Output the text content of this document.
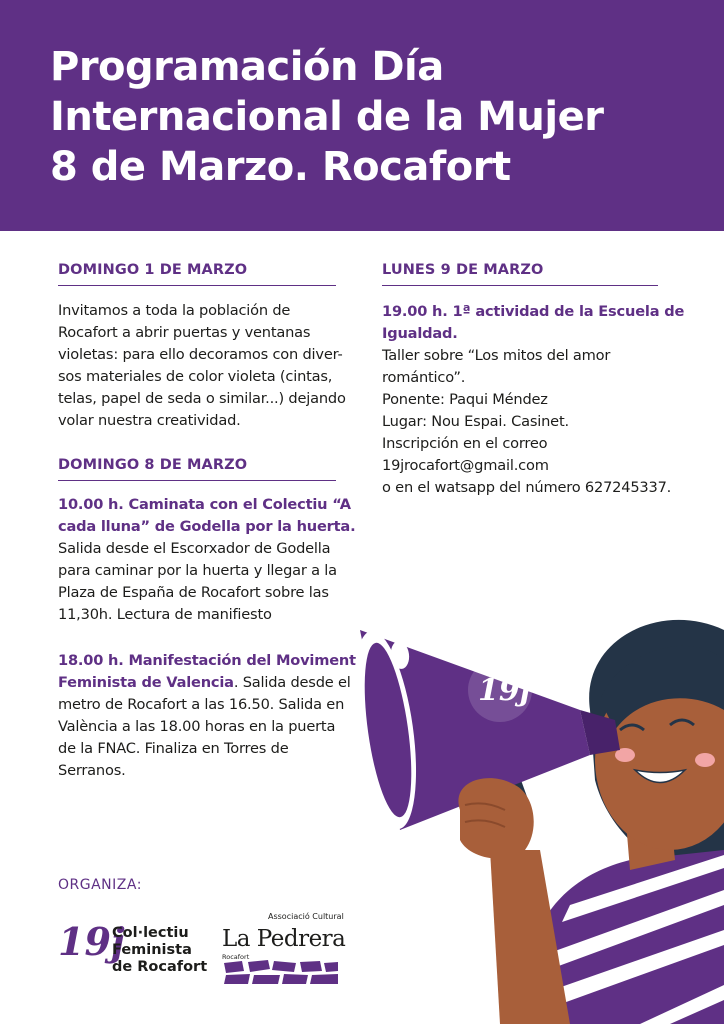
Programación Día
Internacional de la Mujer
8 de Marzo. Rocafort
DOMINGO 1 DE MARZO
Invitamos a toda la población de
Rocafort a abrir puertas y ventanas
violetas: para ello decoramos con diver-
sos materiales de color violeta (cintas,
telas, papel de seda o similar...) dejando
volar nuestra creatividad.
DOMINGO 8 DE MARZO
10.00 h. Caminata con el Colectiu “A
cada lluna” de Godella por la huerta.
Salida desde el Escorxador de Godella
para caminar por la huerta y llegar a la
Plaza de España de Rocafort sobre las
11,30h. Lectura de manifiesto
18.00 h. Manifestación del Moviment
Feminista de Valencia. Salida desde el
metro de Rocafort a las 16.50. Salida en
València a las 18.00 horas en la puerta
de la FNAC. Finaliza en Torres de
Serranos.
LUNES 9 DE MARZO
19.00 h. 1ª actividad de la Escuela de
Igualdad.
Taller sobre “Los mitos del amor
romántico”.
Ponente: Paqui Méndez
Lugar: Nou Espai. Casinet.
Inscripción en el correo
19jrocafort@gmail.com
o en el watsapp del número 627245337.
19j
ORGANIZA:
19j
Col·lectiu
Feminista
de Rocafort
Associació Cultural
La Pedrera
Rocafort
